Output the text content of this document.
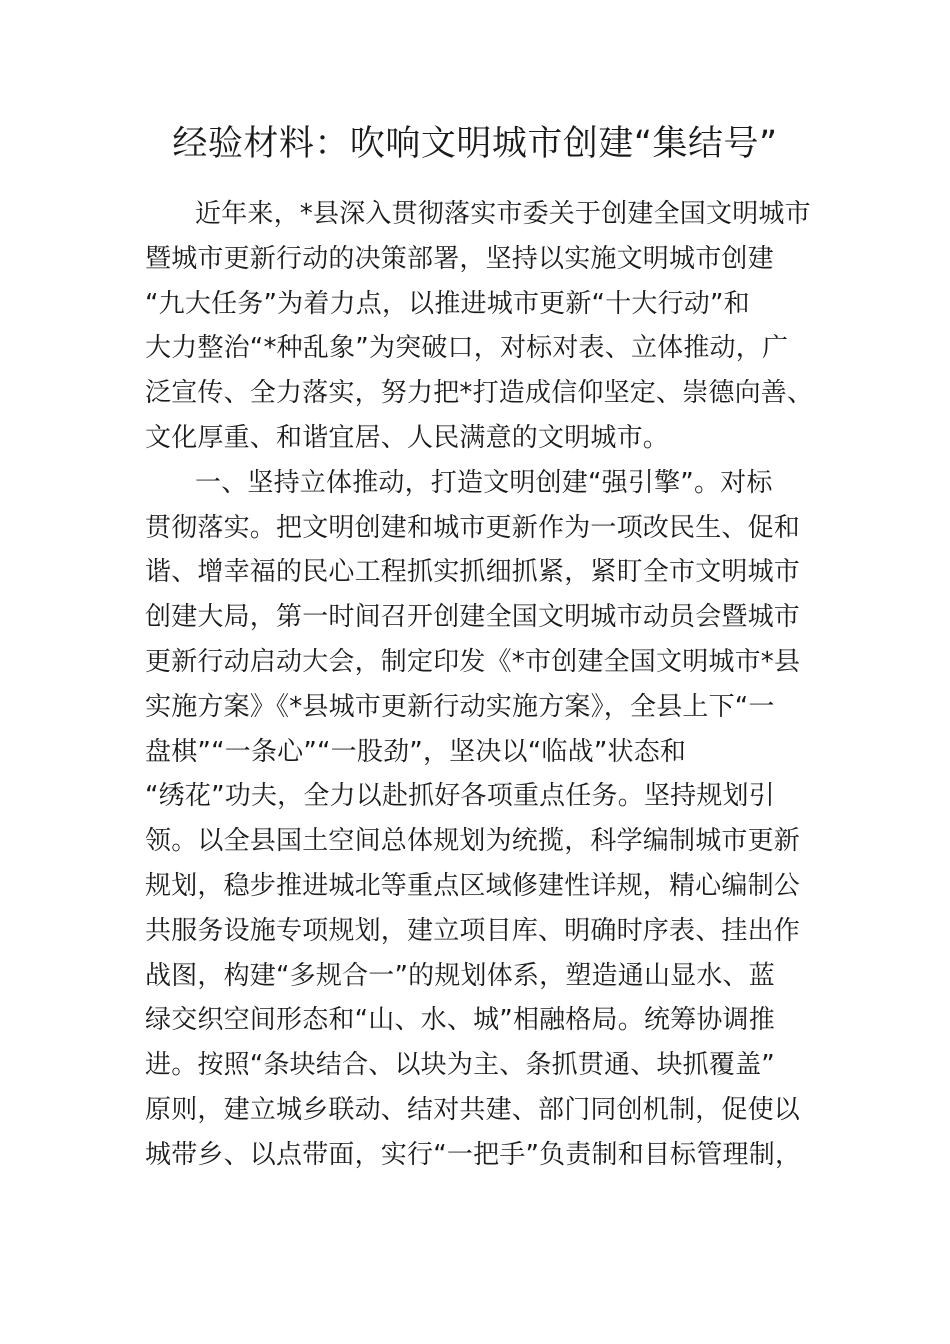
经验材料：吹响文明城市创建“集结号”
近年来，*县深入贯彻落实市委关于创建全国文明城市
暨城市更新行动的决策部署，坚持以实施文明城市创建
“九大任务”为着力点，以推进城市更新“十大行动”和
大力整治“*种乱象”为突破口，对标对表、立体推动，广
泛宣传、全力落实，努力把*打造成信仰坚定、崇德向善、
文化厚重、和谐宜居、人民满意的文明城市。
一、坚持立体推动，打造文明创建“强引擎”。对标
贯彻落实。把文明创建和城市更新作为一项改民生、促和
谐、增幸福的民心工程抓实抓细抓紧，紧盯全市文明城市
创建大局，第一时间召开创建全国文明城市动员会暨城市
更新行动启动大会，制定印发《*市创建全国文明城市*县
实施方案》《*县城市更新行动实施方案》，全县上下“一
盘棋”“一条心”“一股劲”，坚决以“临战”状态和
“绣花”功夫，全力以赴抓好各项重点任务。坚持规划引
领。以全县国土空间总体规划为统揽，科学编制城市更新
规划，稳步推进城北等重点区域修建性详规，精心编制公
共服务设施专项规划，建立项目库、明确时序表、挂出作
战图，构建“多规合一”的规划体系，塑造通山显水、蓝
绿交织空间形态和“山、水、城”相融格局。统筹协调推
进。按照“条块结合、以块为主、条抓贯通、块抓覆盖”
原则，建立城乡联动、结对共建、部门同创机制，促使以
城带乡、以点带面，实行“一把手”负责制和目标管理制，
